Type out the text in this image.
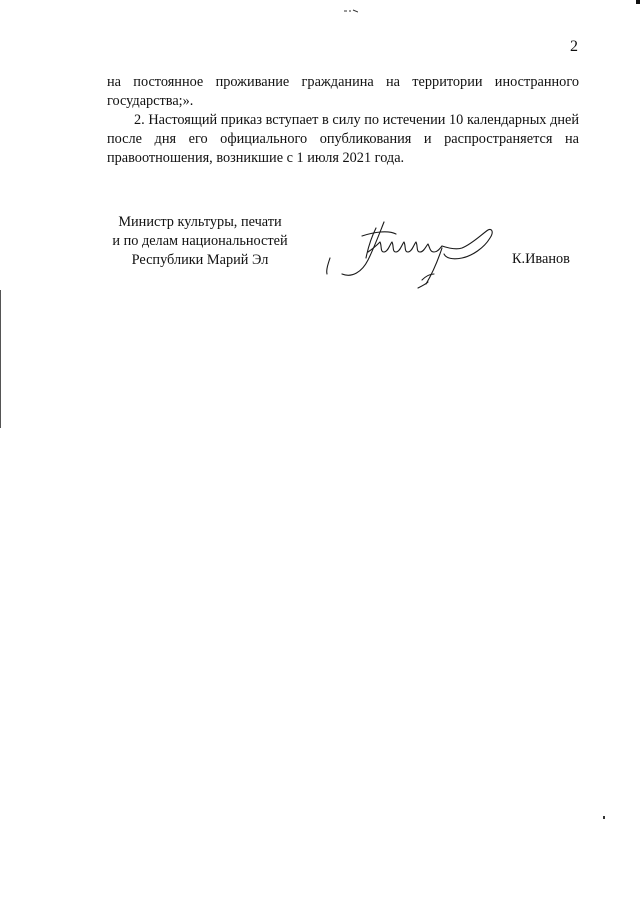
2

на постоянное проживание гражданина на территории иностранного государства;».

2. Настоящий приказ вступает в силу по истечении 10 календарных дней после дня его официального опубликования и распространяется на правоотношения, возникшие с 1 июля 2021 года.

Министр культуры, печати
и по делам национальностей
Республики Марий Эл	К.Иванов
